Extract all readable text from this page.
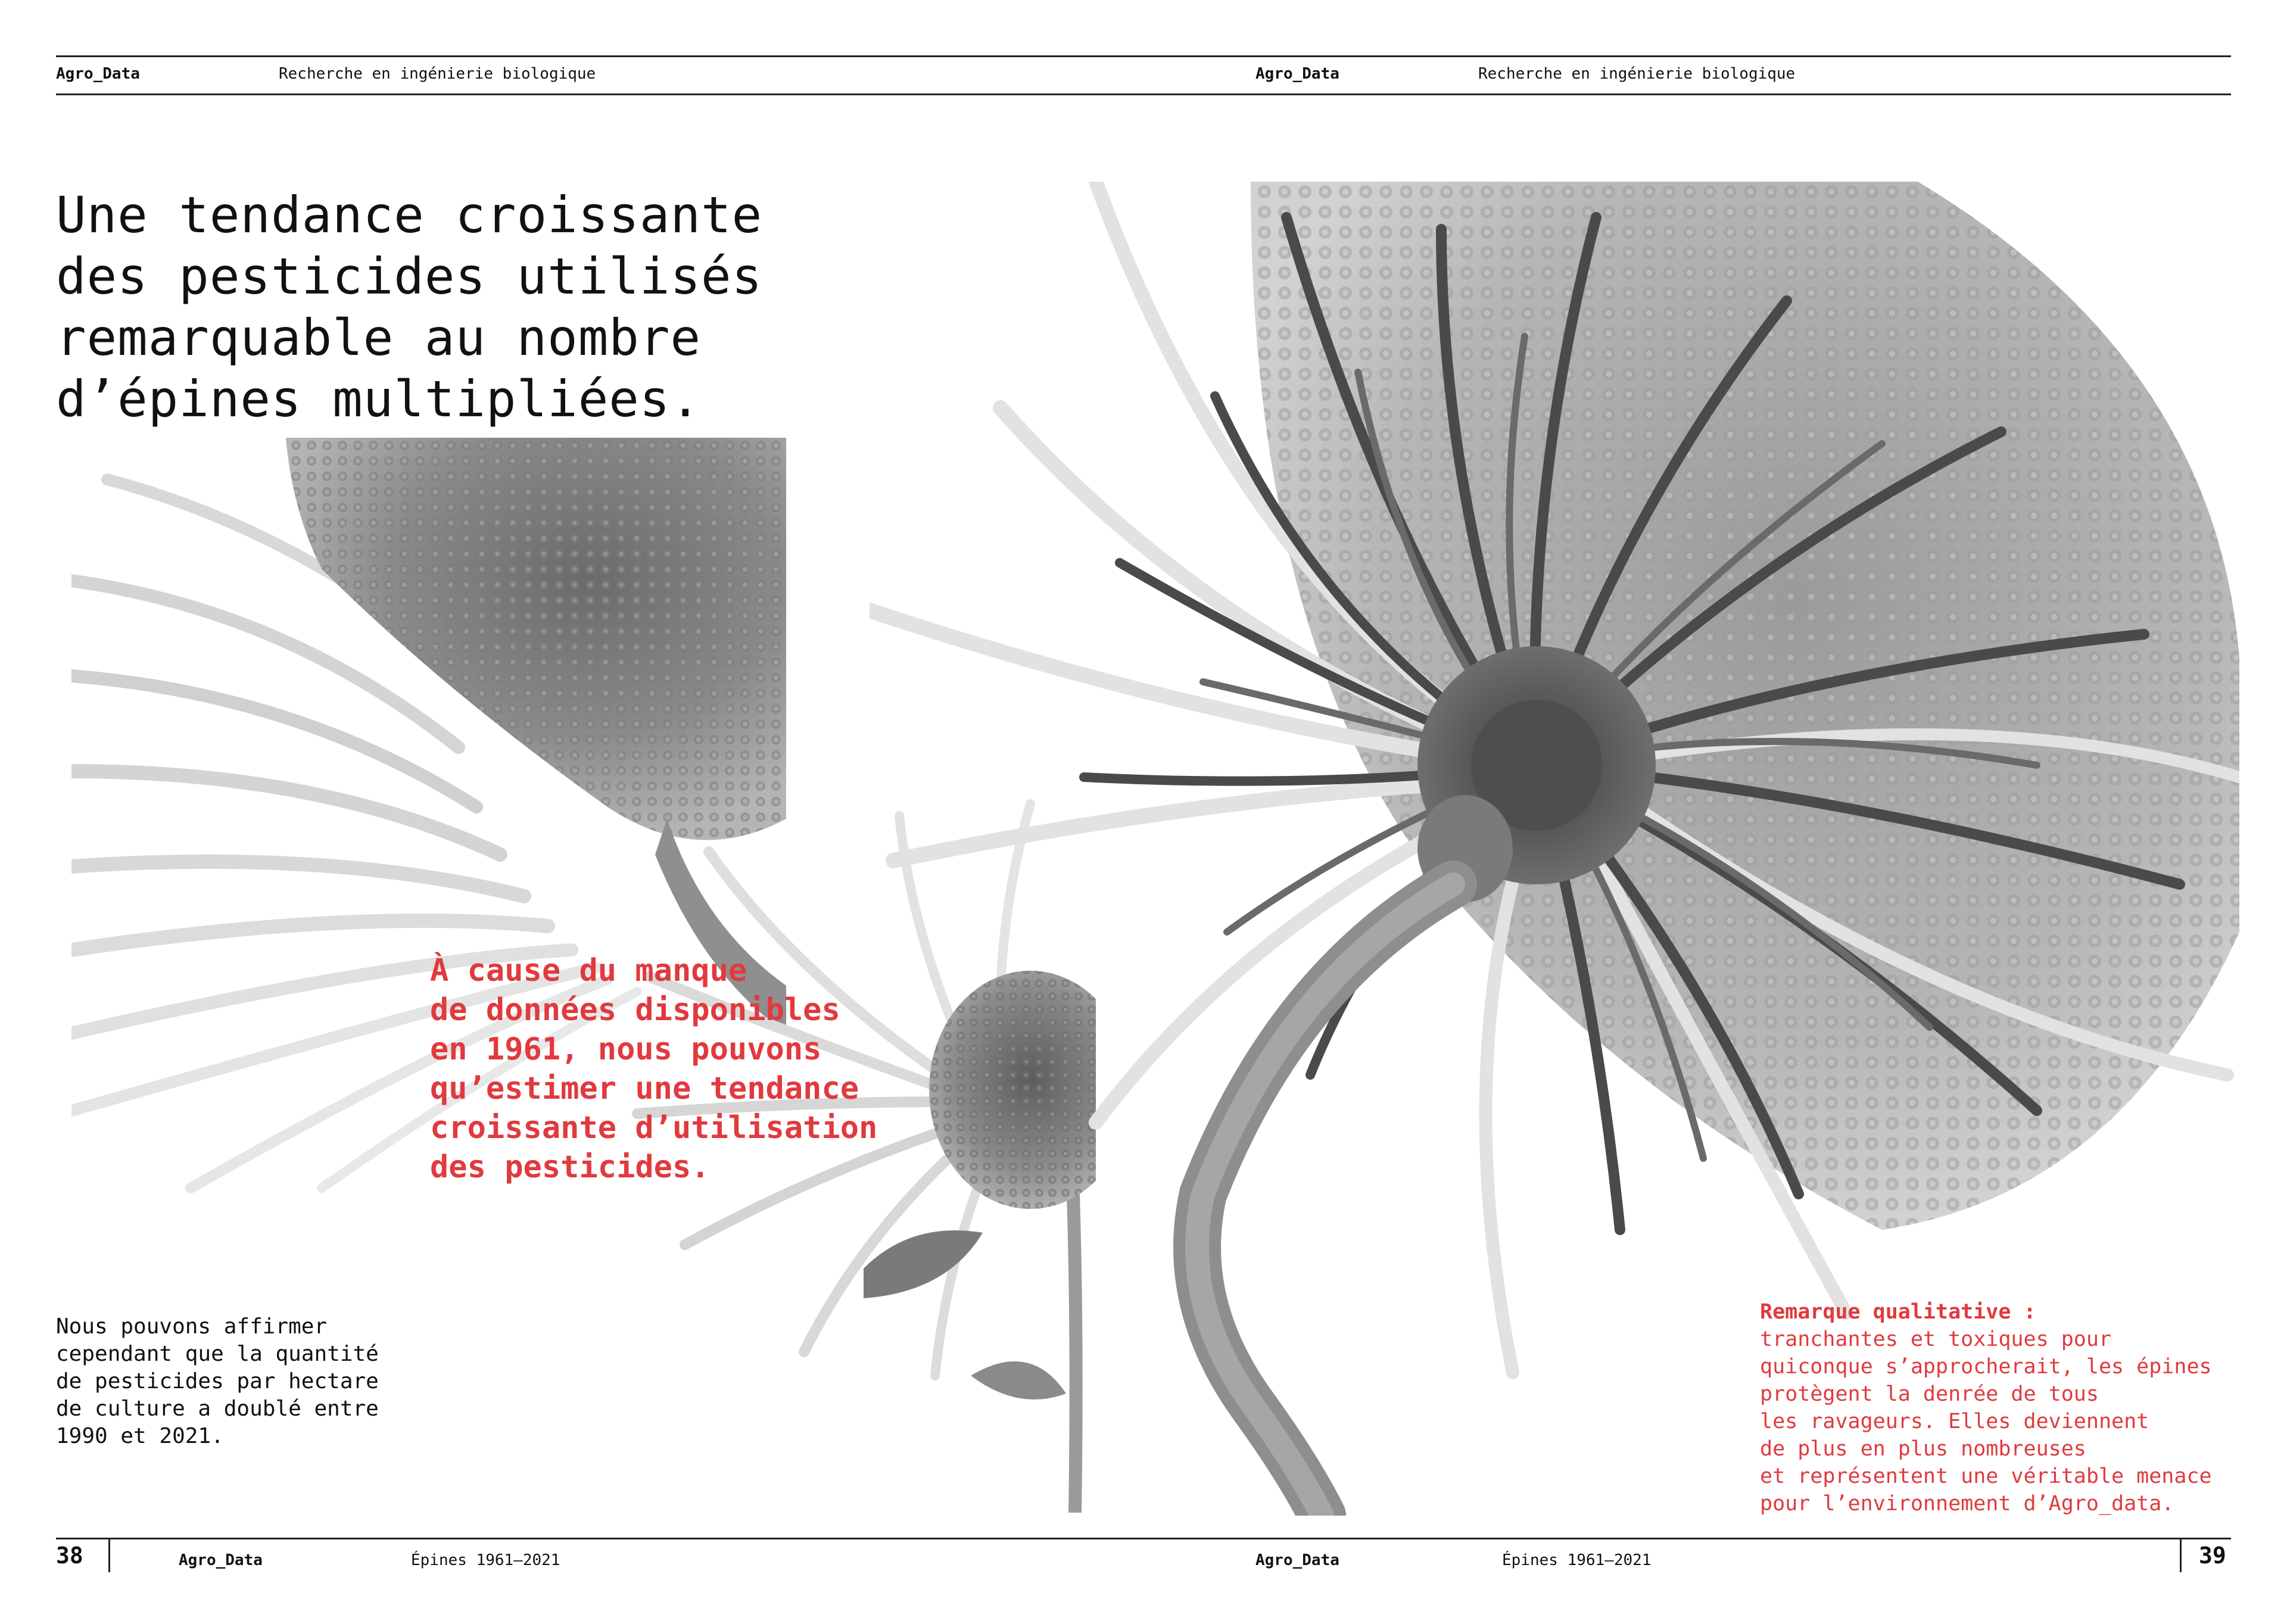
Agro_Data	Recherche en ingénierie biologique	Agro_Data	Recherche en ingénierie biologique
Une tendance croissante
des pesticides utilisés
remarquable au nombre
d’épines multipliées.
À cause du manque
de données disponibles
en 1961, nous pouvons
qu’estimer une tendance
croissante d’utilisation
des pesticides.
Nous pouvons affirmer
cependant que la quantité
de pesticides par hectare
de culture a doublé entre
1990 et 2021.
Remarque qualitative :
tranchantes et toxiques pour
quiconque s’approcherait, les épines
protègent la denrée de tous
les ravageurs. Elles deviennent
de plus en plus nombreuses
et représentent une véritable menace
pour l’environnement d’Agro_data.
38	Agro_Data	Épines 1961–2021	Agro_Data	Épines 1961–2021	39
